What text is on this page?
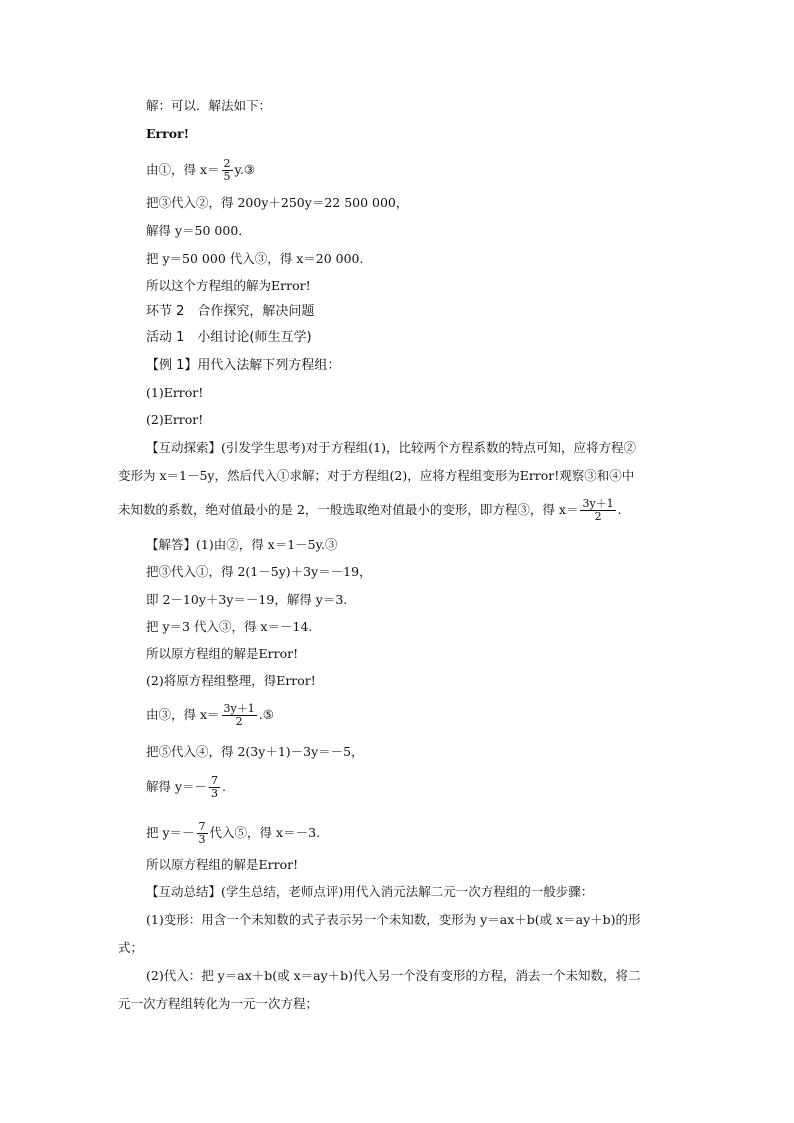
解：可以．解法如下：
Error!
由①，得 $x= \frac{2}{5}$ y.③
把③代入②，得 200y＋250y＝22 500 000，
解得 y＝50 000.
把 y＝50 000 代入③，得 x＝20 000.
所以这个方程组的解为Error!
环节 2　合作探究，解决问题
活动 1　小组讨论(师生互学)
【例 1】用代入法解下列方程组：
(1)Error!
(2)Error!
【互动探索】(引发学生思考)对于方程组(1)，比较两个方程系数的特点可知，应将方程②
变形为 x＝1－5y，然后代入①求解；对于方程组(2)，应将方程组变形为Error!观察③和④中
未知数的系数，绝对值最小的是 2，一般选取绝对值最小的变形，即方程③，得 $x= \frac{3y+1}{2}$ .
【解答】(1)由②，得 x＝1－5y.③
把③代入①，得 2(1－5y)＋3y＝－19，
即 2－10y＋3y＝－19，解得 y＝3.
把 y＝3 代入③，得 x＝－14.
所以原方程组的解是Error!
(2)将原方程组整理，得Error!
由③，得 $x= \frac{3y+1}{2}$ .⑤
把⑤代入④，得 2(3y＋1)－3y＝－5，
解得 $y=- \frac{7}{3}$ .
把 $y=- \frac{7}{3}$ 代入⑤，得 x＝－3.
所以原方程组的解是Error!
【互动总结】(学生总结，老师点评)用代入消元法解二元一次方程组的一般步骤：
(1)变形：用含一个未知数的式子表示另一个未知数，变形为 y＝ax＋b(或 x＝ay＋b)的形
式；
(2)代入：把 y＝ax＋b(或 x＝ay＋b)代入另一个没有变形的方程，消去一个未知数，将二
元一次方程组转化为一元一次方程；
